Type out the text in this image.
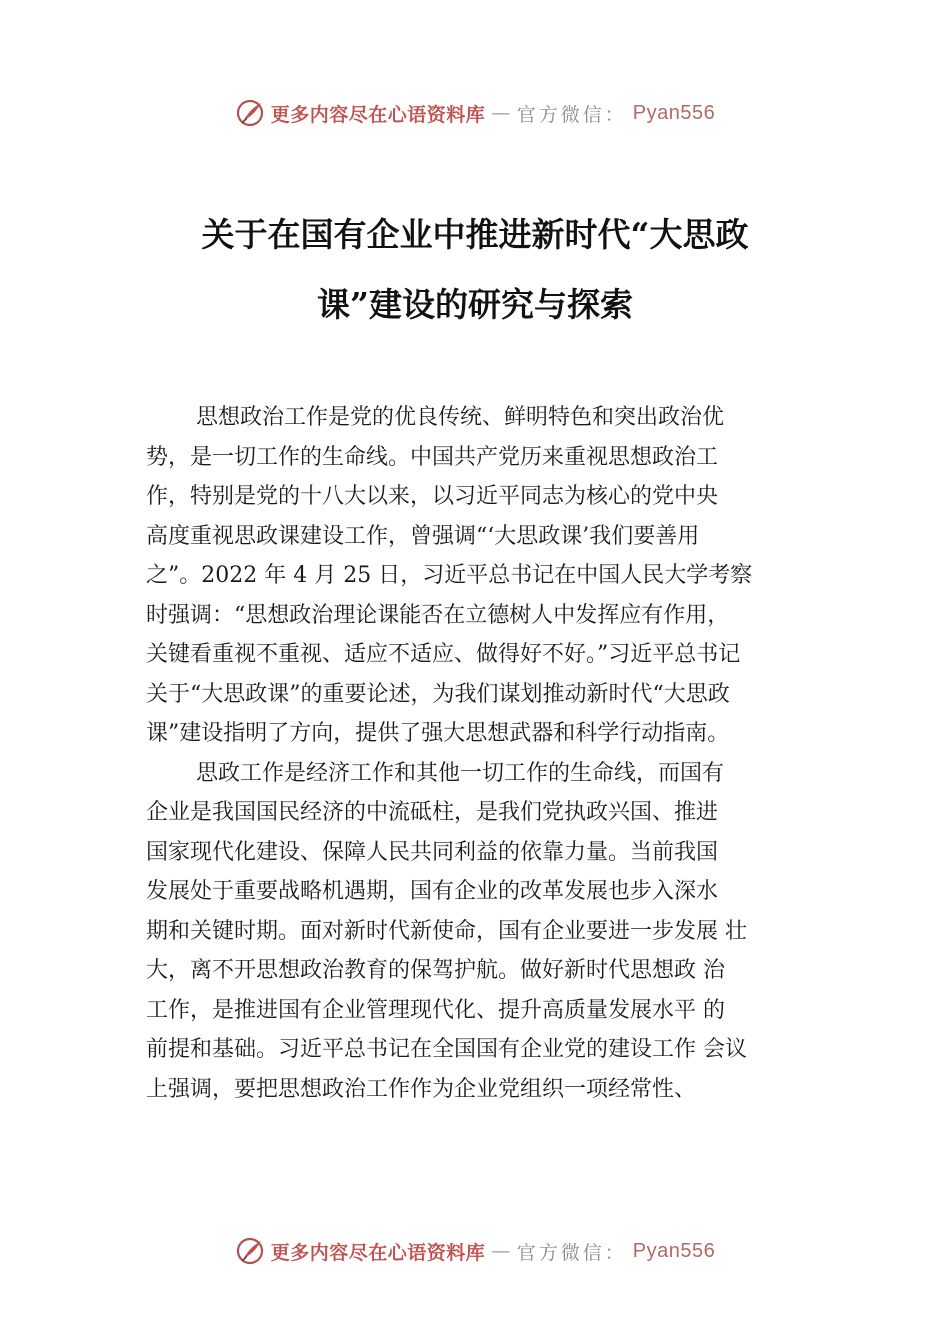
更多内容尽在心语资料库 — 官方微信： Pyan556
关于在国有企业中推进新时代“大思政
课”建设的研究与探索
思想政治工作是党的优良传统、鲜明特色和突出政治优
势，是一切工作的生命线。中国共产党历来重视思想政治工
作，特别是党的十八大以来，以习近平同志为核心的党中央
高度重视思政课建设工作，曾强调“‘大思政课’我们要善用
之”。2022 年 4 月 25 日，习近平总书记在中国人民大学考察
时强调：“思想政治理论课能否在立德树人中发挥应有作用，
关键看重视不重视、适应不适应、做得好不好。”习近平总书记
关于“大思政课”的重要论述，为我们谋划推动新时代“大思政
课”建设指明了方向，提供了强大思想武器和科学行动指南。
思政工作是经济工作和其他一切工作的生命线，而国有
企业是我国国民经济的中流砥柱，是我们党执政兴国、推进
国家现代化建设、保障人民共同利益的依靠力量。当前我国
发展处于重要战略机遇期，国有企业的改革发展也步入深水
期和关键时期。面对新时代新使命，国有企业要进一步发展 壮
大，离不开思想政治教育的保驾护航。做好新时代思想政 治
工作，是推进国有企业管理现代化、提升高质量发展水平 的
前提和基础。习近平总书记在全国国有企业党的建设工作 会议
上强调，要把思想政治工作作为企业党组织一项经常性、
更多内容尽在心语资料库 — 官方微信： Pyan556
